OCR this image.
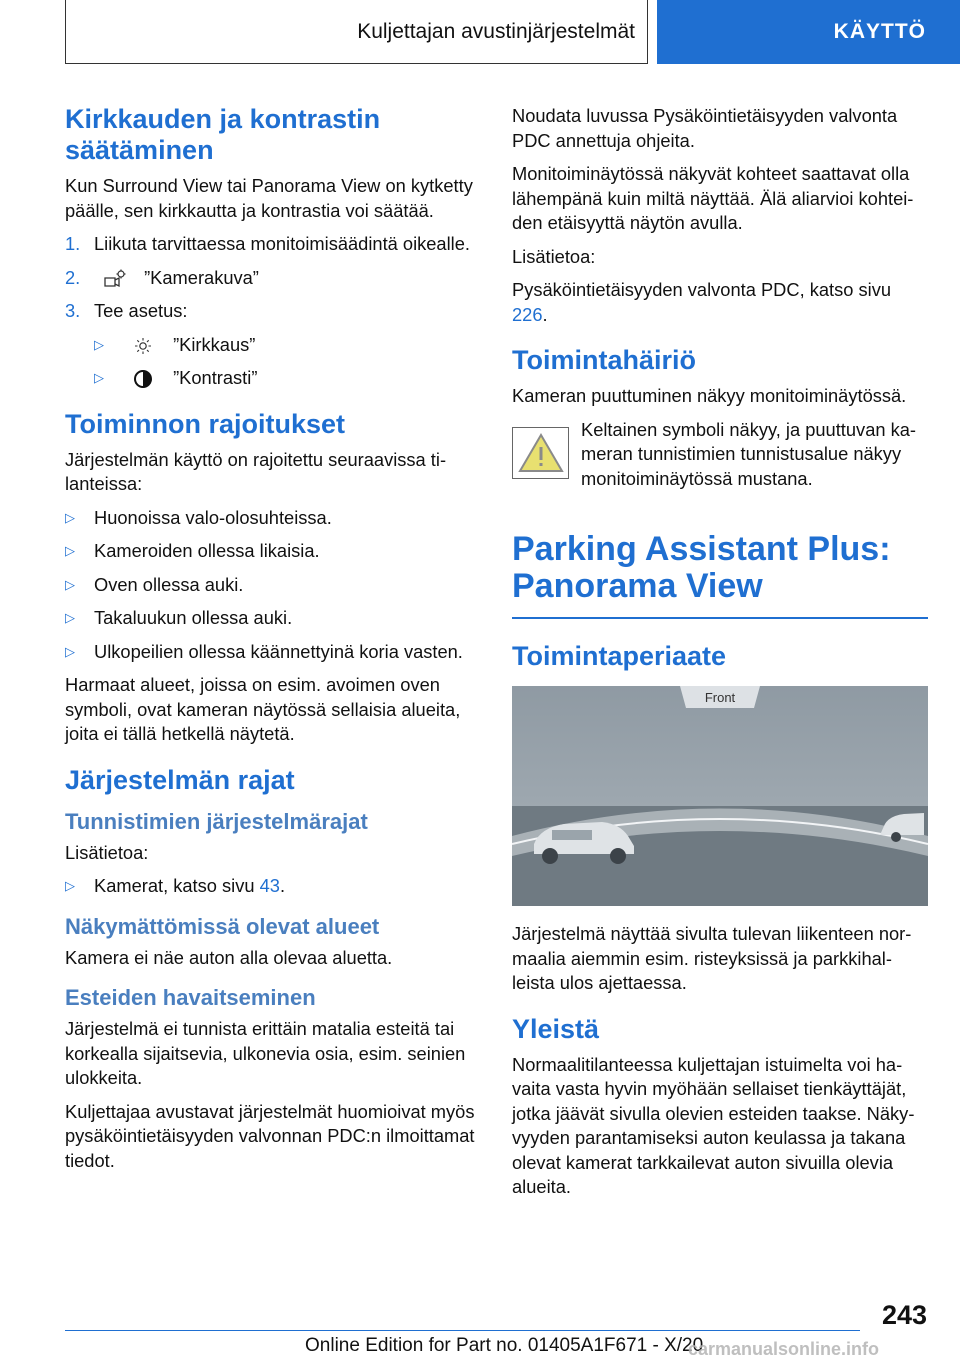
Kuljettajan avustinjärjestelmät	KÄYTTÖ
Kirkkauden ja kontrastin säätäminen
Kun Surround View tai Panorama View on kytketty päälle, sen kirkkautta ja kontrastia voi säätää.
1. Liikuta tarvittaessa monitoimisäädintä oikealle.
2.	”Kamerakuva”
3. Tee asetus:
▷	”Kirkkaus”
▷	”Kontrasti”
Toiminnon rajoitukset
Järjestelmän käyttö on rajoitettu seuraavissa tilanteissa:
▷	Huonoissa valo-olosuhteissa.
▷	Kameroiden ollessa likaisia.
▷	Oven ollessa auki.
▷	Takaluukun ollessa auki.
▷	Ulkopeilien ollessa käännettyinä koria vasten.
Harmaat alueet, joissa on esim. avoimen oven symboli, ovat kameran näytössä sellaisia alueita, joita ei tällä hetkellä näytetä.
Järjestelmän rajat
Tunnistimien järjestelmärajat
Lisätietoa:
▷	Kamerat, katso sivu 43.
Näkymättömissä olevat alueet
Kamera ei näe auton alla olevaa aluetta.
Esteiden havaitseminen
Järjestelmä ei tunnista erittäin matalia esteitä tai korkealla sijaitsevia, ulkonevia osia, esim. seinien ulokkeita.
Kuljettajaa avustavat järjestelmät huomioivat myös pysäköintietäisyyden valvonnan PDC:n ilmoittamat tiedot.
Noudata luvussa Pysäköintietäisyyden valvonta PDC annettuja ohjeita.
Monitoiminäytössä näkyvät kohteet saattavat olla lähempänä kuin miltä näyttää. Älä aliarvioi kohteiden etäisyyttä näytön avulla.
Lisätietoa:
Pysäköintietäisyyden valvonta PDC, katso sivu 226.
Toimintahäiriö
Kameran puuttuminen näkyy monitoiminäytössä.
Keltainen symboli näkyy, ja puuttuvan kameran tunnistimien tunnistusalue näkyy monitoiminäytössä mustana.
Parking Assistant Plus: Panorama View
Toimintaperiaate
Front
Järjestelmä näyttää sivulta tulevan liikenteen normaalia aiemmin esim. risteyksissä ja parkkihalleista ulos ajettaessa.
Yleistä
Normaalitilanteessa kuljettajan istuimelta voi havaita vasta hyvin myöhään sellaiset tienkäyttäjät, jotka jäävät sivulla olevien esteiden taakse. Näkyvyyden parantamiseksi auton keulassa ja takana olevat kamerat tarkkailevat auton sivuilla olevia alueita.
243
Online Edition for Part no. 01405A1F671 - X/20
carmanualsonline.info
